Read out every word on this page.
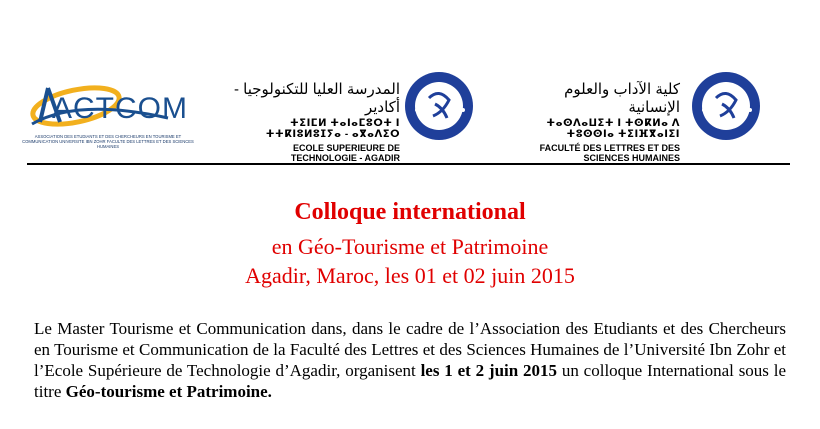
ACTCOM
ASSOCIATION DES ETUDIANTS ET DES CHERCHEURS EN TOURISME ET COMMUNICATION UNIVERSITE IBN ZOHR FACULTE DES LETTRES ET DES SCIENCES HUMAINES
المدرسة العليا للتكنولوجيا - أكادير
ⵜⵉⵏⵎⵍ ⵜⴰⵏⴰⵎⵓⵔⵜ ⵏ ⵜⵜⴽⵏⵓⵍⵓⵊⵢⴰ - ⴰⴳⴰⴷⵉⵔ
ECOLE SUPERIEURE DE TECHNOLOGIE - AGADIR
كلية الآداب والعلوم الإنسانية
ⵜⴰⵙⴷⴰⵡⵉⵜ ⵏ ⵜⵙⴽⵍⴰ ⴷ ⵜⵓⵙⵙⵏⴰ ⵜⵉⵏⴼⴳⴰⵏⵉⵏ
FACULTÉ DES LETTRES ET DES SCIENCES HUMAINES
Colloque international
en Géo-Tourisme et Patrimoine
Agadir, Maroc, les 01 et 02 juin 2015
Le Master Tourisme et Communication dans, dans le cadre de l’Association des Etudiants et des Chercheurs en Tourisme et Communication de la Faculté des Lettres et des Sciences Humaines de l’Université Ibn Zohr et l’Ecole Supérieure de Technologie d’Agadir, organisent les 1 et 2 juin 2015 un colloque International sous le titre Géo-tourisme et Patrimoine.
